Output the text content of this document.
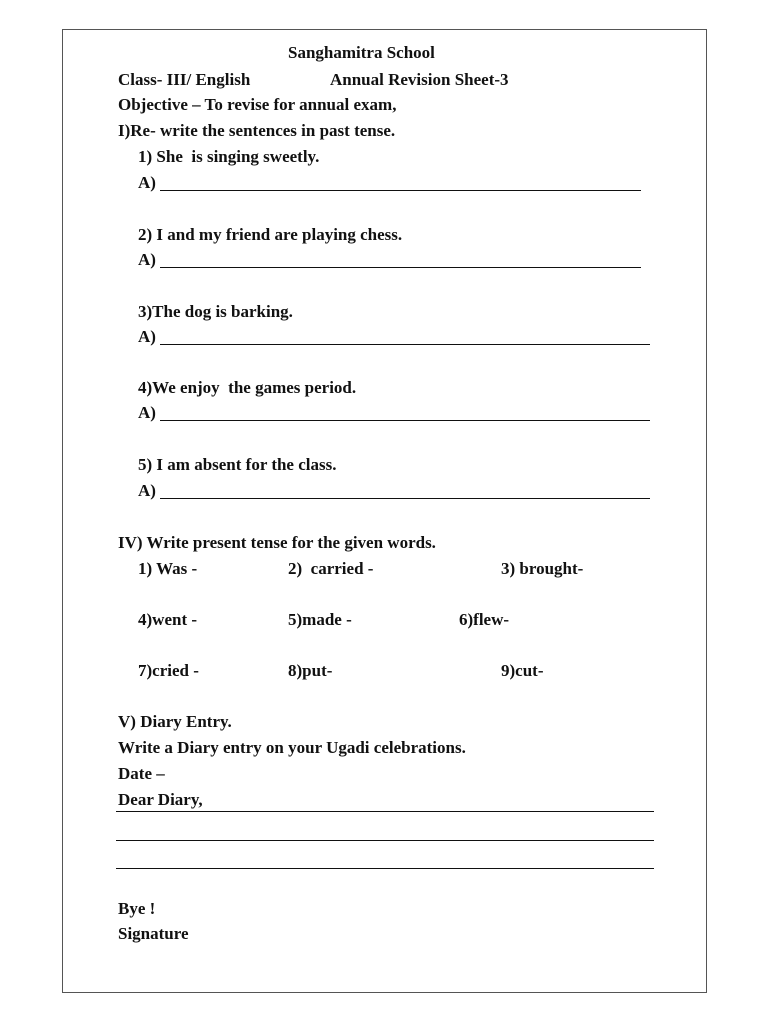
Sanghamitra School
Class- III/ English	Annual Revision Sheet-3
Objective – To revise for annual exam,
I)Re- write the sentences in past tense.
1) She  is singing sweetly.
A)
2) I and my friend are playing chess.
A)
3)The dog is barking.
A)
4)We enjoy  the games period.
A)
5) I am absent for the class.
A)
IV) Write present tense for the given words.
1) Was -	2)  carried -	3) brought-
4)went -	5)made -	6)flew-
7)cried -	8)put-	9)cut-
V) Diary Entry.
Write a Diary entry on your Ugadi celebrations.
Date –
Dear Diary,
Bye !
Signature
